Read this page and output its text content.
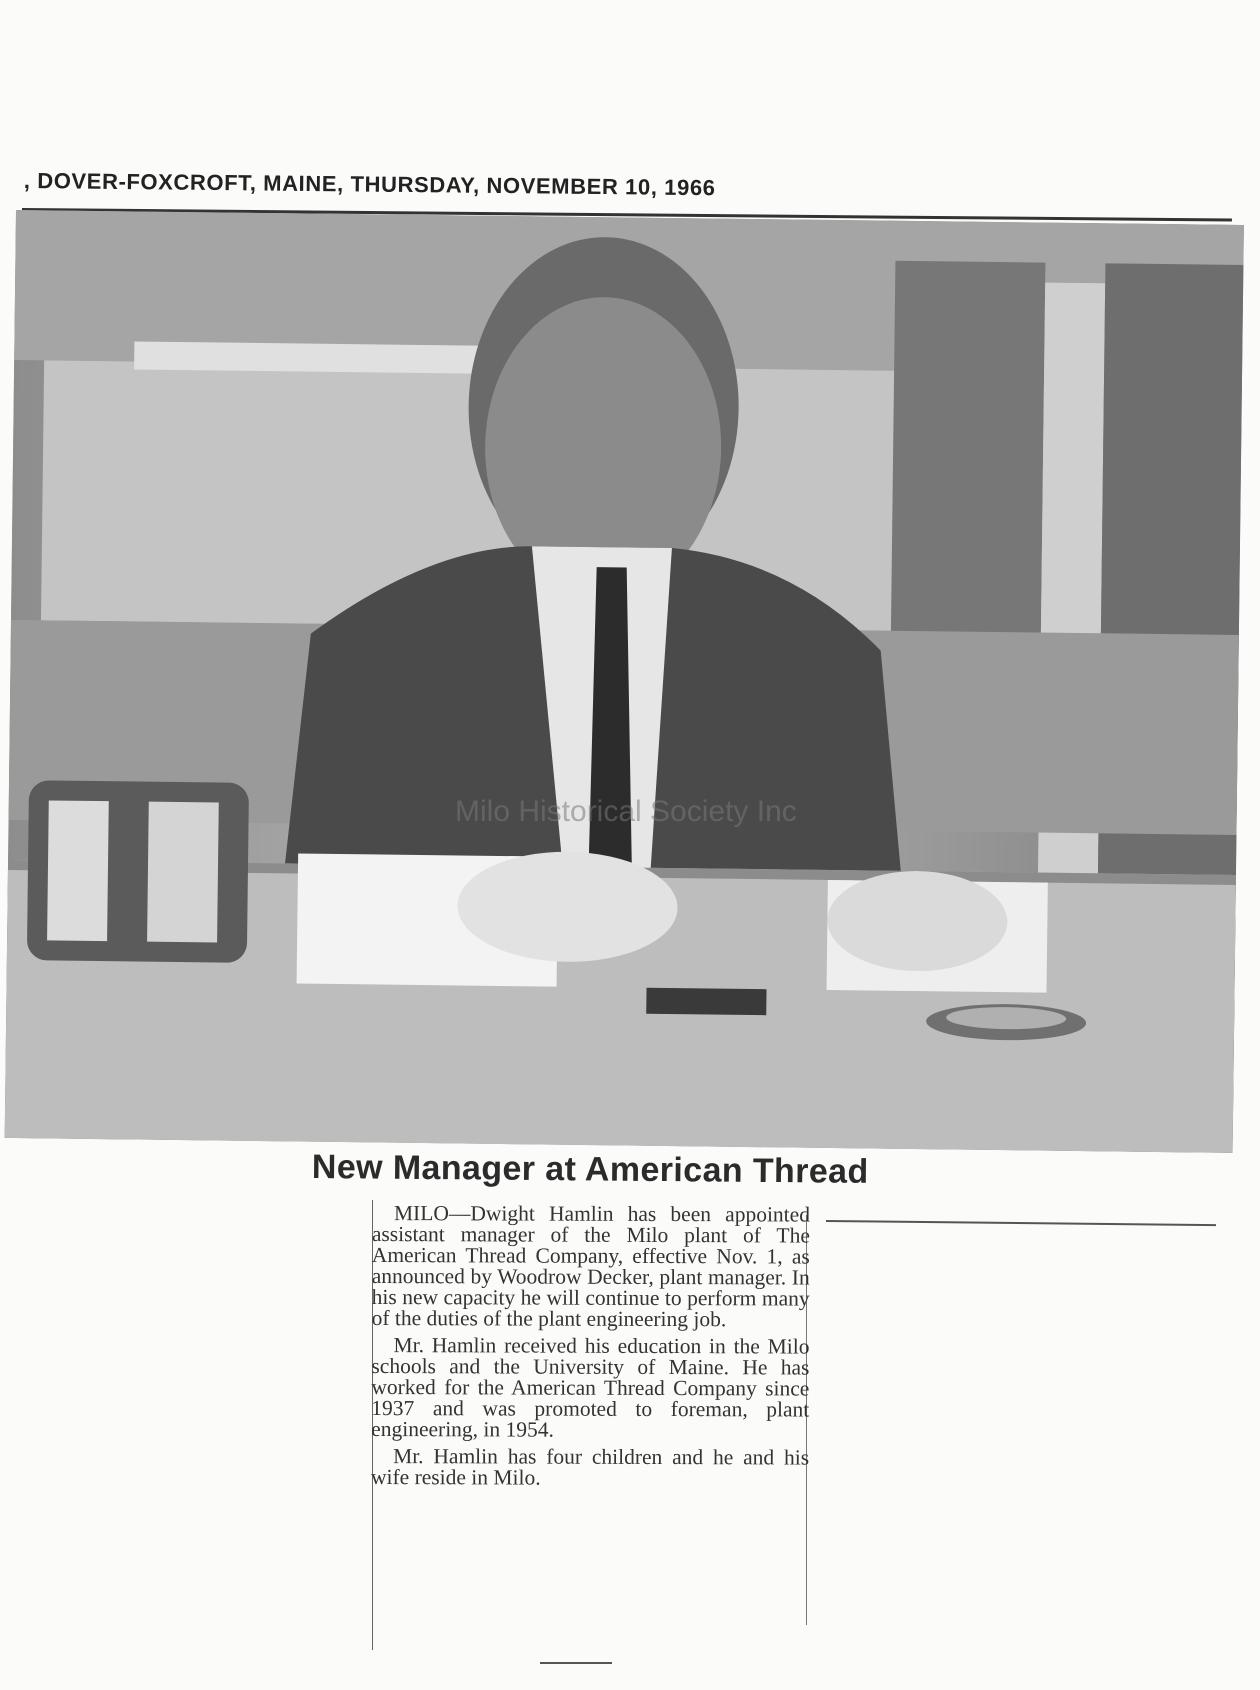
, DOVER-FOXCROFT, MAINE, THURSDAY, NOVEMBER 10, 1966
Milo Historical Society Inc
New Manager at American Thread

MILO—Dwight Hamlin has been appointed assistant manager of the Milo plant of The American Thread Company, effective Nov. 1, as announced by Woodrow Decker, plant manager. In his new capacity he will continue to perform many of the duties of the plant engineering job.

Mr. Hamlin received his education in the Milo schools and the University of Maine. He has worked for the American Thread Company since 1937 and was promoted to foreman, plant engineering, in 1954.

Mr. Hamlin has four children and he and his wife reside in Milo.
